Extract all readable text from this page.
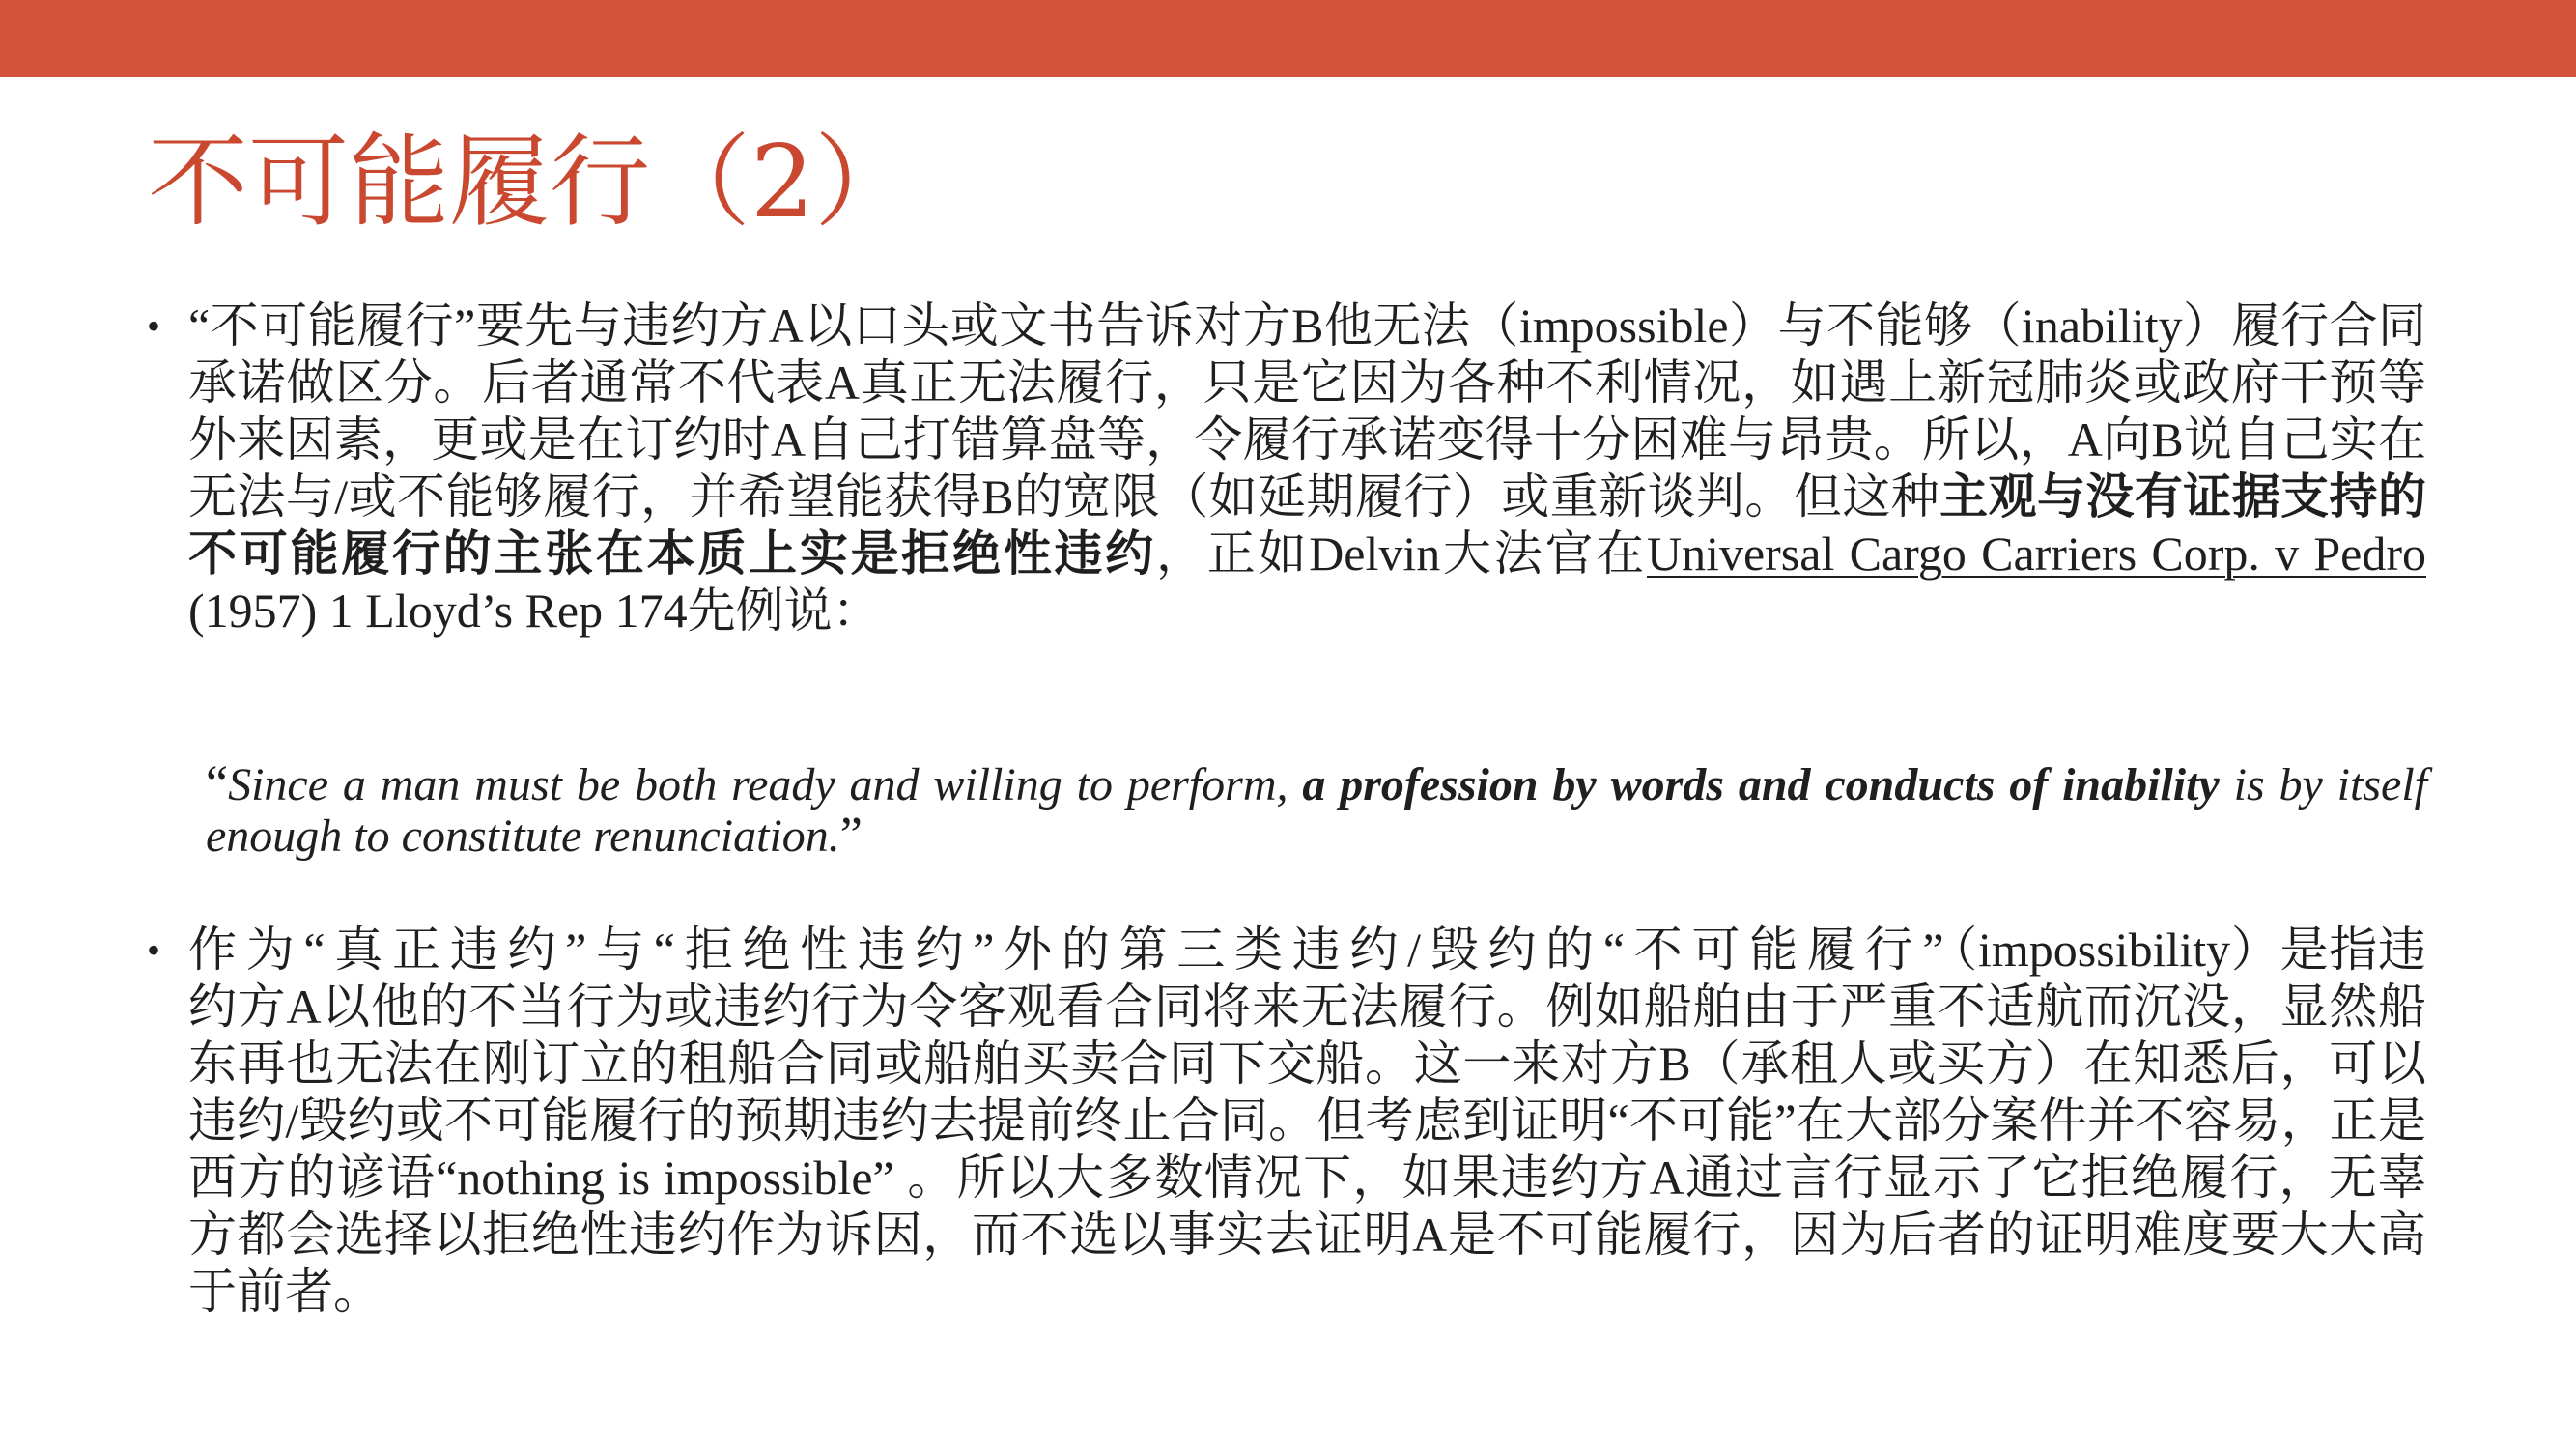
不可能履行（2）
• “不可能履行”要先与违约方A以口头或文书告诉对方B他无法（impossible）与不能够（inability）履行合同承诺做区分。后者通常不代表A真正无法履行，只是它因为各种不利情况，如遇上新冠肺炎或政府干预等外来因素，更或是在订约时A自己打错算盘等，令履行承诺变得十分困难与昂贵。所以，A向B说自己实在无法与/或不能够履行，并希望能获得B的宽限（如延期履行）或重新谈判。但这种主观与没有证据支持的不可能履行的主张在本质上实是拒绝性违约，正如Delvin大法官在Universal Cargo Carriers Corp. v Pedro (1957) 1 Lloyd’s Rep 174先例说：

“Since a man must be both ready and willing to perform, a profession by words and conducts of inability is by itself enough to constitute renunciation.”

• 作为“真正违约”与“拒绝性违约”外的第三类违约/毁约的“不可能履行”（impossibility）是指违约方A以他的不当行为或违约行为令客观看合同将来无法履行。例如船舶由于严重不适航而沉没，显然船东再也无法在刚订立的租船合同或船舶买卖合同下交船。这一来对方B（承租人或买方）在知悉后，可以违约/毁约或不可能履行的预期违约去提前终止合同。但考虑到证明“不可能”在大部分案件并不容易，正是西方的谚语“nothing is impossible” 。所以大多数情况下，如果违约方A通过言行显示了它拒绝履行，无辜方都会选择以拒绝性违约作为诉因，而不选以事实去证明A是不可能履行，因为后者的证明难度要大大高于前者。
